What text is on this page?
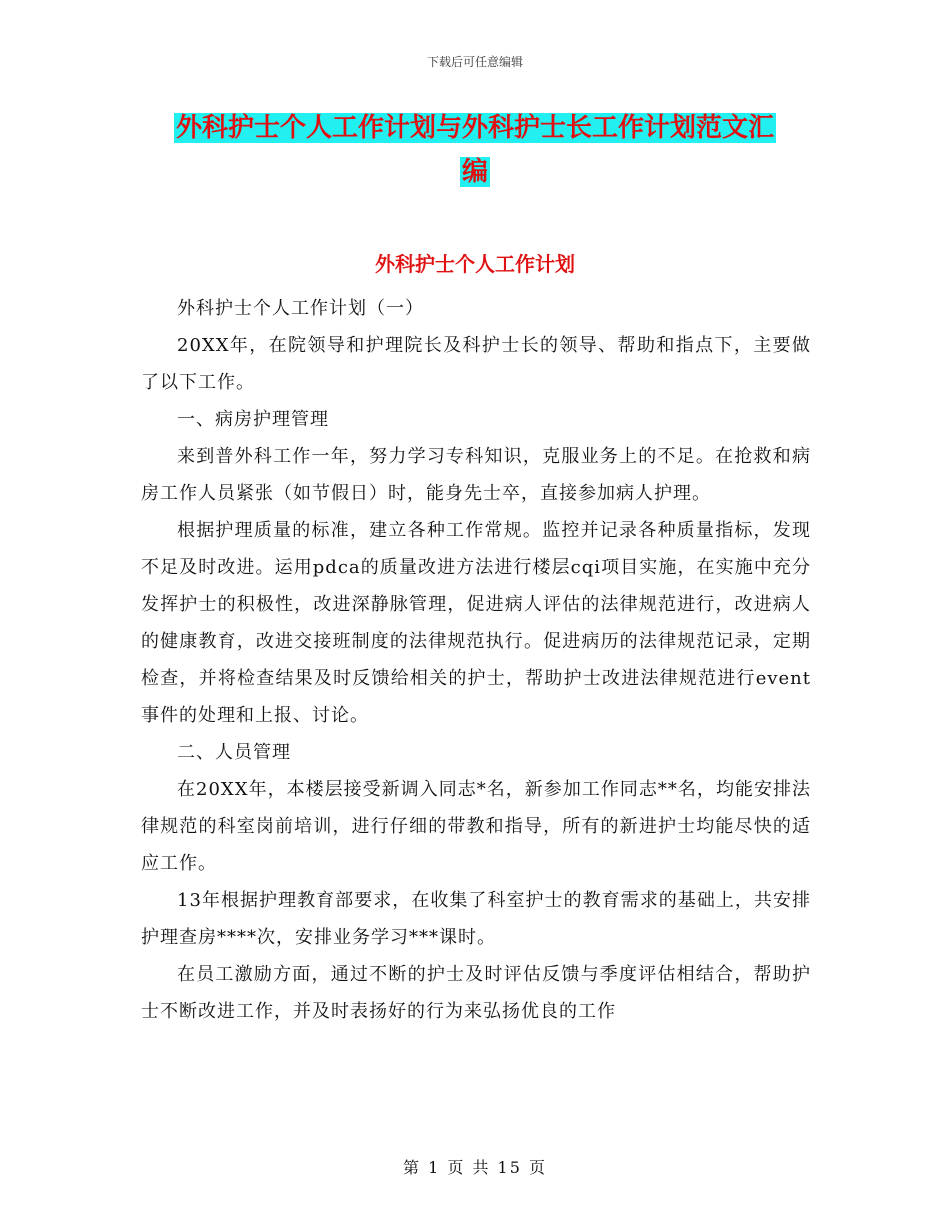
下载后可任意编辑
外科护士个人工作计划与外科护士长工作计划范文汇
编
外科护士个人工作计划

外科护士个人工作计划（一）

20XX年，在院领导和护理院长及科护士长的领导、帮助和指点下，主要做了以下工作。

一、病房护理管理

来到普外科工作一年，努力学习专科知识，克服业务上的不足。在抢救和病房工作人员紧张（如节假日）时，能身先士卒，直接参加病人护理。

根据护理质量的标准，建立各种工作常规。监控并记录各种质量指标，发现不足及时改进。运用pdca的质量改进方法进行楼层cqi项目实施，在实施中充分发挥护士的积极性，改进深静脉管理，促进病人评估的法律规范进行，改进病人的健康教育，改进交接班制度的法律规范执行。促进病历的法律规范记录，定期检查，并将检查结果及时反馈给相关的护士，帮助护士改进法律规范进行event事件的处理和上报、讨论。

二、人员管理

在20XX年，本楼层接受新调入同志*名，新参加工作同志**名，均能安排法律规范的科室岗前培训，进行仔细的带教和指导，所有的新进护士均能尽快的适应工作。

13年根据护理教育部要求，在收集了科室护士的教育需求的基础上，共安排护理查房****次，安排业务学习***课时。

在员工激励方面，通过不断的护士及时评估反馈与季度评估相结合，帮助护士不断改进工作，并及时表扬好的行为来弘扬优良的工作

第 1 页 共 15 页
